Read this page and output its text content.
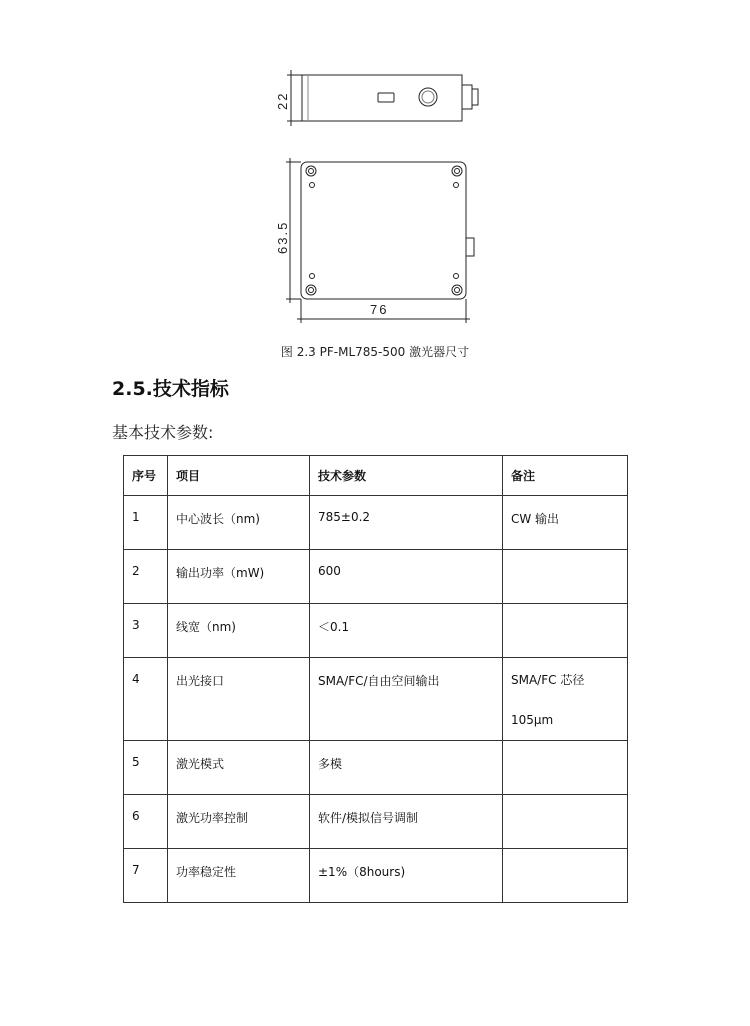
22
63.5
76
图 2.3 PF-ML785-500 激光器尺寸
2.5.技术指标
基本技术参数:
序号	项目	技术参数	备注
1	中心波长（nm)	785±0.2	CW 输出
2	输出功率（mW)	600	
3	线宽（nm)	＜0.1	
4	出光接口	SMA/FC/自由空间输出	SMA/FC 芯径 105μm
5	激光模式	多模	
6	激光功率控制	软件/模拟信号调制	
7	功率稳定性	±1%（8hours)	
